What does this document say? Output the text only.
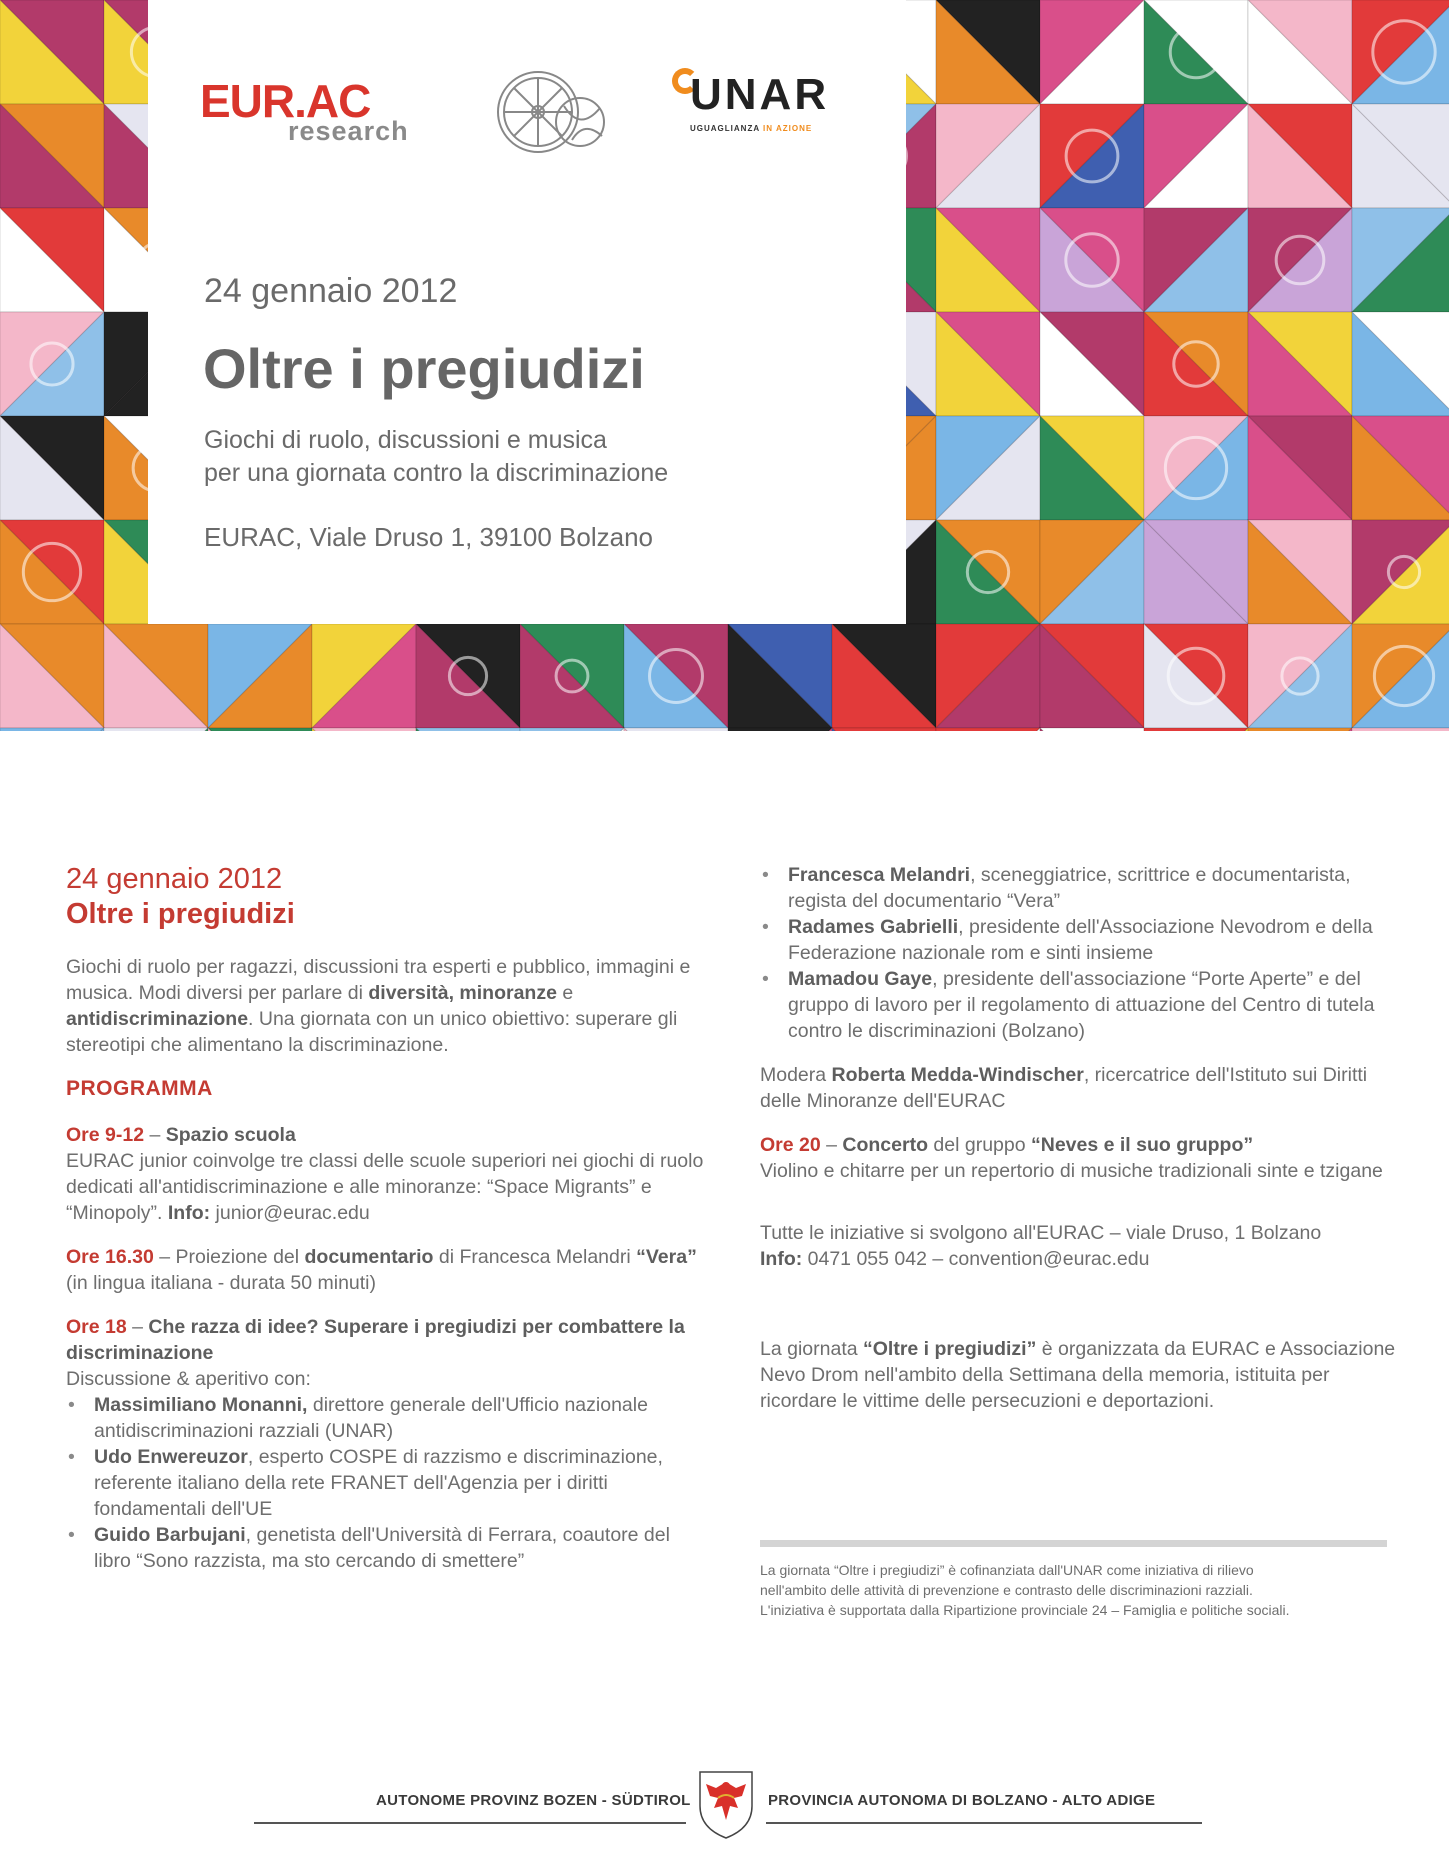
EUR.AC
research
UNAR
UGUAGLIANZA IN AZIONE
24 gennaio 2012
Oltre i pregiudizi
Giochi di ruolo, discussioni e musica
per una giornata contro la discriminazione
EURAC, Viale Druso 1, 39100 Bolzano
24 gennaio 2012
Oltre i pregiudizi
Giochi di ruolo per ragazzi, discussioni tra esperti e pubblico, immagini e musica. Modi diversi per parlare di diversità, minoranze e antidiscriminazione. Una giornata con un unico obiettivo: superare gli stereotipi che alimentano la discriminazione.
PROGRAMMA
Ore 9-12 – Spazio scuola
EURAC junior coinvolge tre classi delle scuole superiori nei giochi di ruolo dedicati all'antidiscriminazione e alle minoranze: “Space Migrants” e “Minopoly”. Info: junior@eurac.edu
Ore 16.30 – Proiezione del documentario di Francesca Melandri “Vera” (in lingua italiana - durata 50 minuti)
Ore 18 – Che razza di idee? Superare i pregiudizi per combattere la discriminazione
Discussione & aperitivo con:
• Massimiliano Monanni, direttore generale dell'Ufficio nazionale antidiscriminazioni razziali (UNAR)
• Udo Enwereuzor, esperto COSPE di razzismo e discriminazione, referente italiano della rete FRANET dell'Agenzia per i diritti fondamentali dell'UE
• Guido Barbujani, genetista dell'Università di Ferrara, coautore del libro “Sono razzista, ma sto cercando di smettere”
• Francesca Melandri, sceneggiatrice, scrittrice e documentarista, regista del documentario “Vera”
• Radames Gabrielli, presidente dell'Associazione Nevodrom e della Federazione nazionale rom e sinti insieme
• Mamadou Gaye, presidente dell'associazione “Porte Aperte” e del gruppo di lavoro per il regolamento di attuazione del Centro di tutela contro le discriminazioni (Bolzano)
Modera Roberta Medda-Windischer, ricercatrice dell'Istituto sui Diritti delle Minoranze dell'EURAC
Ore 20 – Concerto del gruppo “Neves e il suo gruppo”
Violino e chitarre per un repertorio di musiche tradizionali sinte e tzigane
Tutte le iniziative si svolgono all'EURAC – viale Druso, 1 Bolzano
Info: 0471 055 042 – convention@eurac.edu
La giornata “Oltre i pregiudizi” è organizzata da EURAC e Associazione Nevo Drom nell'ambito della Settimana della memoria, istituita per ricordare le vittime delle persecuzioni e deportazioni.
La giornata “Oltre i pregiudizi” è cofinanziata dall'UNAR come iniziativa di rilievo
nell'ambito delle attività di prevenzione e contrasto delle discriminazioni razziali.
L'iniziativa è supportata dalla Ripartizione provinciale 24 – Famiglia e politiche sociali.
AUTONOME PROVINZ BOZEN - SÜDTIROL	PROVINCIA AUTONOMA DI BOLZANO - ALTO ADIGE
